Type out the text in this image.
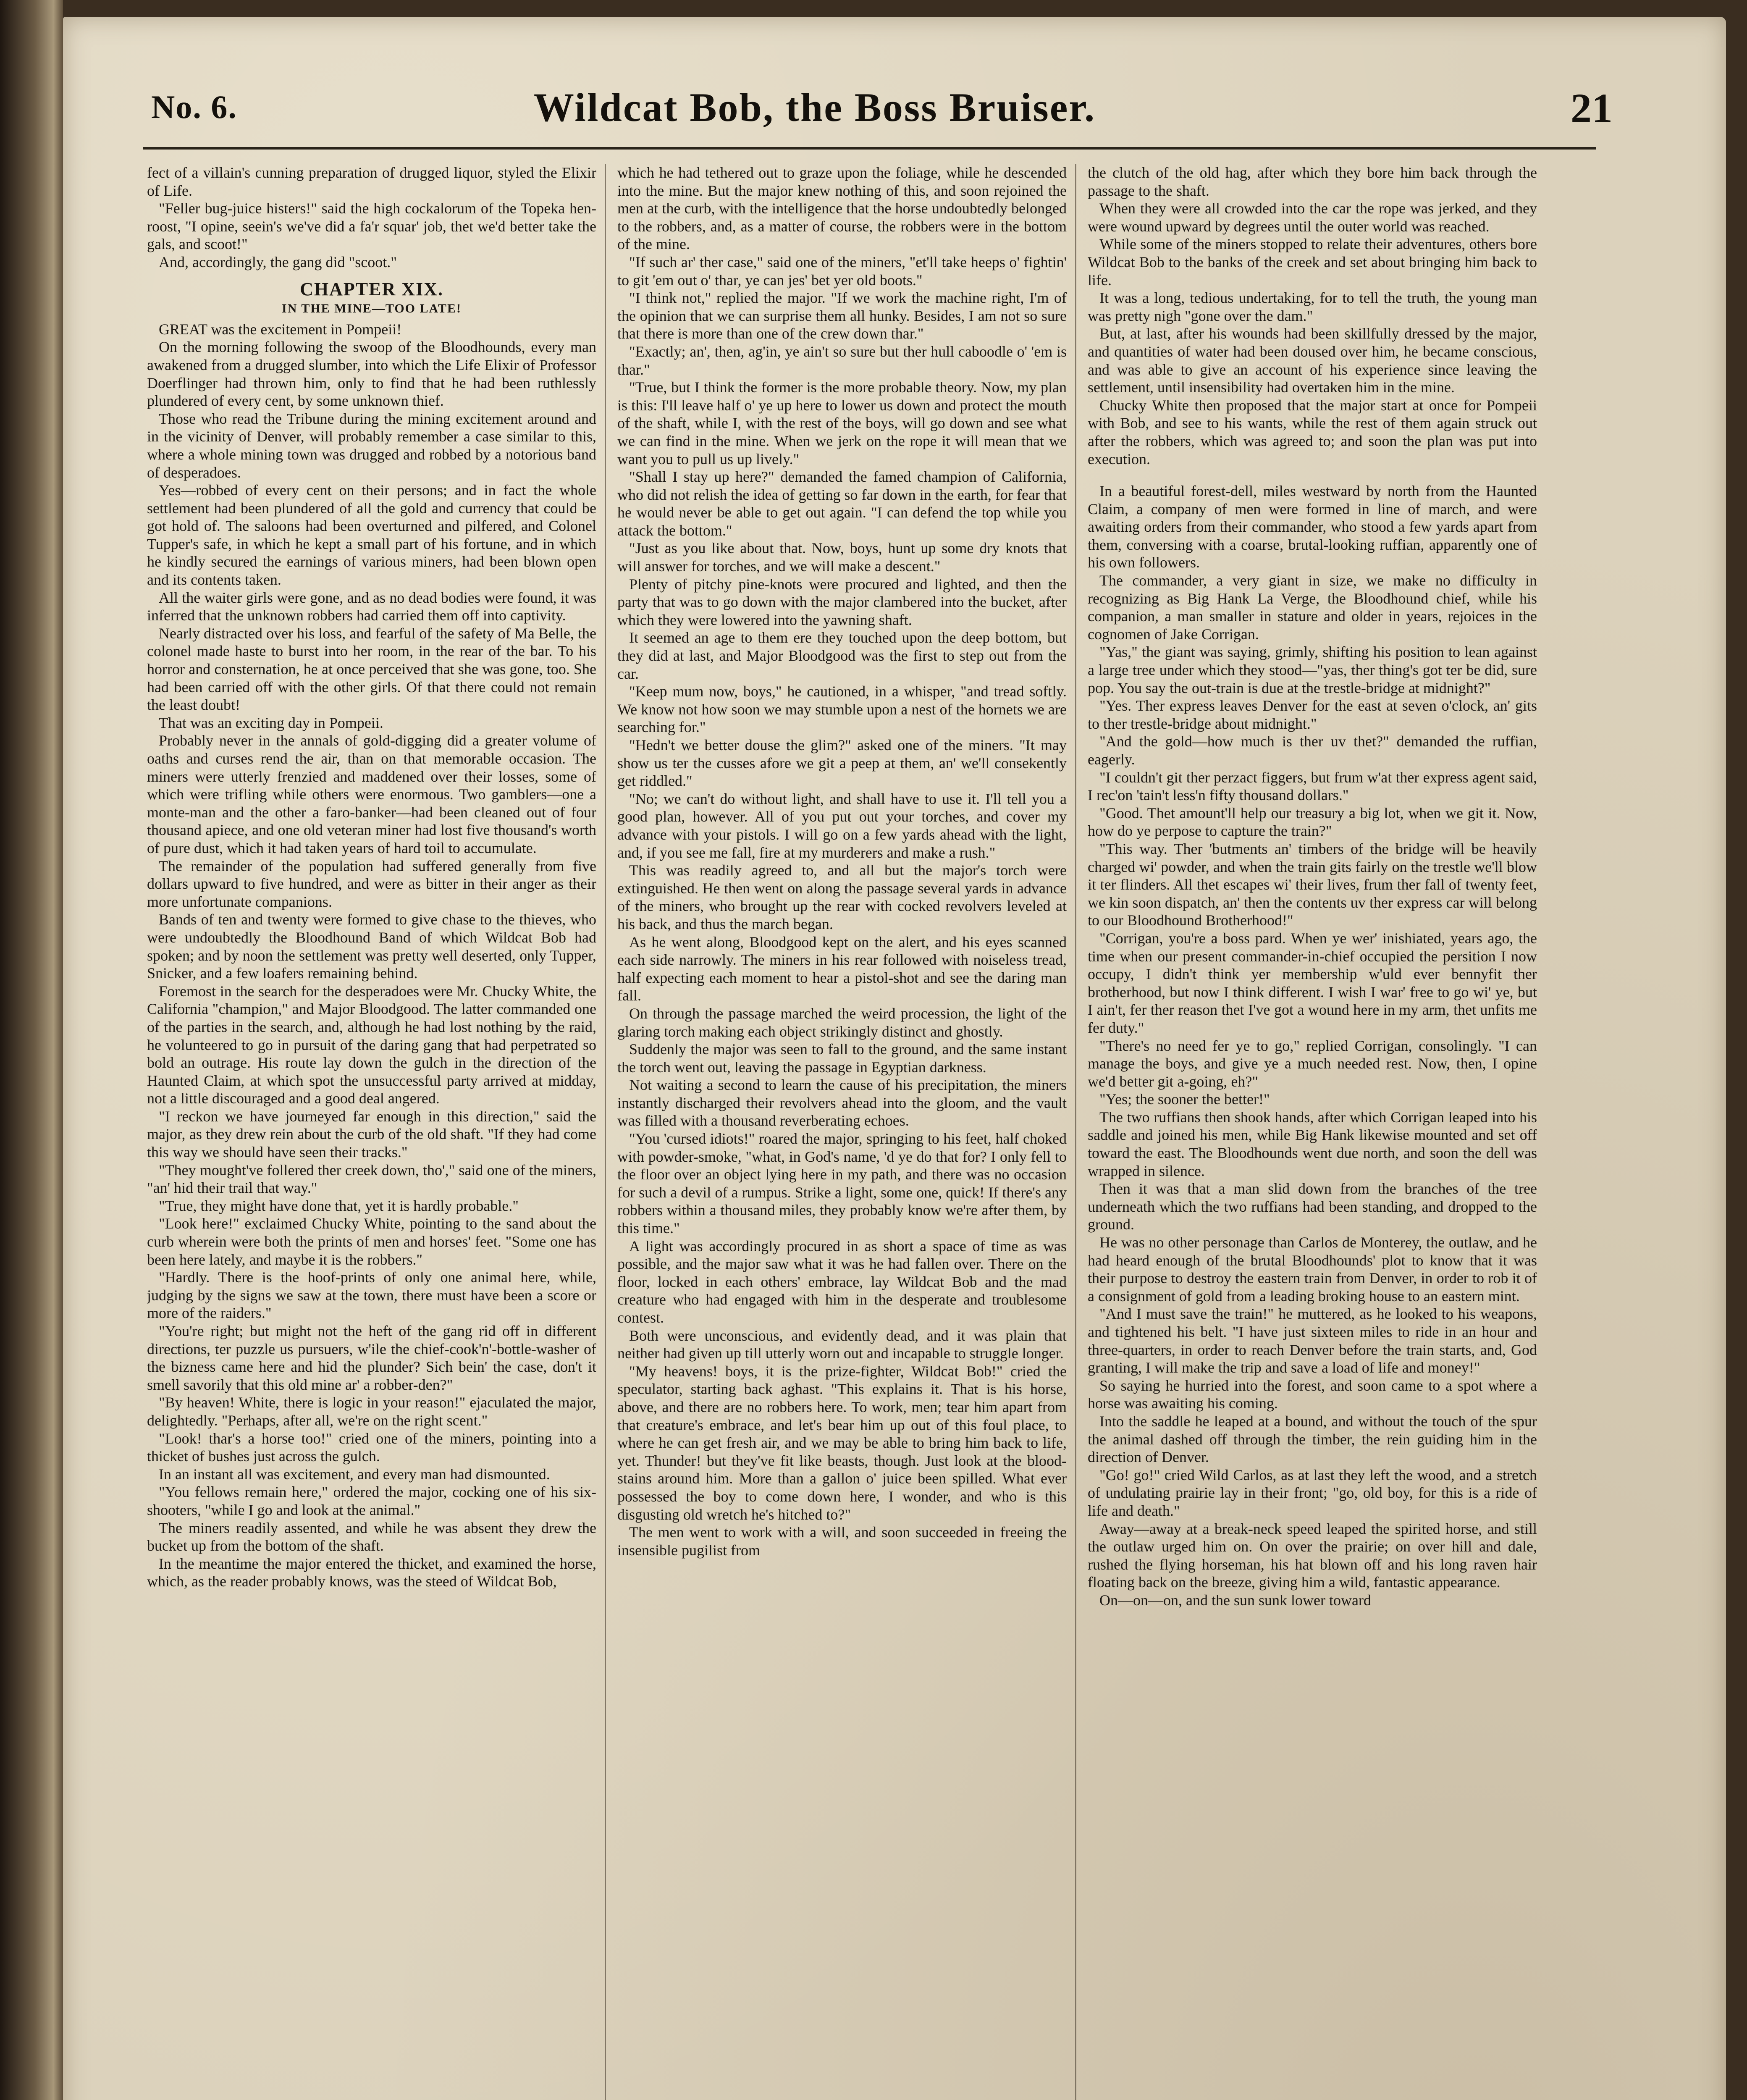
No. 6.	Wildcat Bob, the Boss Bruiser.	21

fect of a villain's cunning preparation of drugged liquor, styled the Elixir of Life.

"Feller bug-juice histers!" said the high cockalorum of the Topeka hen-roost, "I opine, seein's we've did a fa'r squar' job, thet we'd better take the gals, and scoot!"

And, accordingly, the gang did "scoot."

CHAPTER XIX.
IN THE MINE—TOO LATE!

GREAT was the excitement in Pompeii!

On the morning following the swoop of the Bloodhounds, every man awakened from a drugged slumber, into which the Life Elixir of Professor Doerflinger had thrown him, only to find that he had been ruthlessly plundered of every cent, by some unknown thief.

Those who read the Tribune during the mining excitement around and in the vicinity of Denver, will probably remember a case similar to this, where a whole mining town was drugged and robbed by a notorious band of desperadoes.

Yes—robbed of every cent on their persons; and in fact the whole settlement had been plundered of all the gold and currency that could be got hold of. The saloons had been overturned and pilfered, and Colonel Tupper's safe, in which he kept a small part of his fortune, and in which he kindly secured the earnings of various miners, had been blown open and its contents taken.

All the waiter girls were gone, and as no dead bodies were found, it was inferred that the unknown robbers had carried them off into captivity.

Nearly distracted over his loss, and fearful of the safety of Ma Belle, the colonel made haste to burst into her room, in the rear of the bar. To his horror and consternation, he at once perceived that she was gone, too. She had been carried off with the other girls. Of that there could not remain the least doubt!

That was an exciting day in Pompeii.

Probably never in the annals of gold-digging did a greater volume of oaths and curses rend the air, than on that memorable occasion. The miners were utterly frenzied and maddened over their losses, some of which were trifling while others were enormous. Two gamblers—one a monte-man and the other a faro-banker—had been cleaned out of four thousand apiece, and one old veteran miner had lost five thousand's worth of pure dust, which it had taken years of hard toil to accumulate.

The remainder of the population had suffered generally from five dollars upward to five hundred, and were as bitter in their anger as their more unfortunate companions.

Bands of ten and twenty were formed to give chase to the thieves, who were undoubtedly the Bloodhound Band of which Wildcat Bob had spoken; and by noon the settlement was pretty well deserted, only Tupper, Snicker, and a few loafers remaining behind.

Foremost in the search for the desperadoes were Mr. Chucky White, the California "champion," and Major Bloodgood. The latter commanded one of the parties in the search, and, although he had lost nothing by the raid, he volunteered to go in pursuit of the daring gang that had perpetrated so bold an outrage. His route lay down the gulch in the direction of the Haunted Claim, at which spot the unsuccessful party arrived at midday, not a little discouraged and a good deal angered.

"I reckon we have journeyed far enough in this direction," said the major, as they drew rein about the curb of the old shaft. "If they had come this way we should have seen their tracks."

"They mought've follered ther creek down, tho'," said one of the miners, "an' hid their trail that way."

"True, they might have done that, yet it is hardly probable."

"Look here!" exclaimed Chucky White, pointing to the sand about the curb wherein were both the prints of men and horses' feet. "Some one has been here lately, and maybe it is the robbers."

"Hardly. There is the hoof-prints of only one animal here, while, judging by the signs we saw at the town, there must have been a score or more of the raiders."

"You're right; but might not the heft of the gang rid off in different directions, ter puzzle us pursuers, w'ile the chief-cook'n'-bottle-washer of the bizness came here and hid the plunder? Sich bein' the case, don't it smell savorily that this old mine ar' a robber-den?"

"By heaven! White, there is logic in your reason!" ejaculated the major, delightedly. "Perhaps, after all, we're on the right scent."

"Look! thar's a horse too!" cried one of the miners, pointing into a thicket of bushes just across the gulch.

In an instant all was excitement, and every man had dismounted.

"You fellows remain here," ordered the major, cocking one of his six-shooters, "while I go and look at the animal."

The miners readily assented, and while he was absent they drew the bucket up from the bottom of the shaft.

In the meantime the major entered the thicket, and examined the horse, which, as the reader probably knows, was the steed of Wildcat Bob,

which he had tethered out to graze upon the foliage, while he descended into the mine. But the major knew nothing of this, and soon rejoined the men at the curb, with the intelligence that the horse undoubtedly belonged to the robbers, and, as a matter of course, the robbers were in the bottom of the mine.

"If such ar' ther case," said one of the miners, "et'll take heeps o' fightin' to git 'em out o' thar, ye can jes' bet yer old boots."

"I think not," replied the major. "If we work the machine right, I'm of the opinion that we can surprise them all hunky. Besides, I am not so sure that there is more than one of the crew down thar."

"Exactly; an', then, ag'in, ye ain't so sure but ther hull caboodle o' 'em is thar."

"True, but I think the former is the more probable theory. Now, my plan is this: I'll leave half o' ye up here to lower us down and protect the mouth of the shaft, while I, with the rest of the boys, will go down and see what we can find in the mine. When we jerk on the rope it will mean that we want you to pull us up lively."

"Shall I stay up here?" demanded the famed champion of California, who did not relish the idea of getting so far down in the earth, for fear that he would never be able to get out again. "I can defend the top while you attack the bottom."

"Just as you like about that. Now, boys, hunt up some dry knots that will answer for torches, and we will make a descent."

Plenty of pitchy pine-knots were procured and lighted, and then the party that was to go down with the major clambered into the bucket, after which they were lowered into the yawning shaft.

It seemed an age to them ere they touched upon the deep bottom, but they did at last, and Major Bloodgood was the first to step out from the car.

"Keep mum now, boys," he cautioned, in a whisper, "and tread softly. We know not how soon we may stumble upon a nest of the hornets we are searching for."

"Hedn't we better douse the glim?" asked one of the miners. "It may show us ter the cusses afore we git a peep at them, an' we'll consekently get riddled."

"No; we can't do without light, and shall have to use it. I'll tell you a good plan, however. All of you put out your torches, and cover my advance with your pistols. I will go on a few yards ahead with the light, and, if you see me fall, fire at my murderers and make a rush."

This was readily agreed to, and all but the major's torch were extinguished. He then went on along the passage several yards in advance of the miners, who brought up the rear with cocked revolvers leveled at his back, and thus the march began.

As he went along, Bloodgood kept on the alert, and his eyes scanned each side narrowly. The miners in his rear followed with noiseless tread, half expecting each moment to hear a pistol-shot and see the daring man fall.

On through the passage marched the weird procession, the light of the glaring torch making each object strikingly distinct and ghostly.

Suddenly the major was seen to fall to the ground, and the same instant the torch went out, leaving the passage in Egyptian darkness.

Not waiting a second to learn the cause of his precipitation, the miners instantly discharged their revolvers ahead into the gloom, and the vault was filled with a thousand reverberating echoes.

"You 'cursed idiots!" roared the major, springing to his feet, half choked with powder-smoke, "what, in God's name, 'd ye do that for? I only fell to the floor over an object lying here in my path, and there was no occasion for such a devil of a rumpus. Strike a light, some one, quick! If there's any robbers within a thousand miles, they probably know we're after them, by this time."

A light was accordingly procured in as short a space of time as was possible, and the major saw what it was he had fallen over. There on the floor, locked in each others' embrace, lay Wildcat Bob and the mad creature who had engaged with him in the desperate and troublesome contest.

Both were unconscious, and evidently dead, and it was plain that neither had given up till utterly worn out and incapable to struggle longer.

"My heavens! boys, it is the prize-fighter, Wildcat Bob!" cried the speculator, starting back aghast. "This explains it. That is his horse, above, and there are no robbers here. To work, men; tear him apart from that creature's embrace, and let's bear him up out of this foul place, to where he can get fresh air, and we may be able to bring him back to life, yet. Thunder! but they've fit like beasts, though. Just look at the blood-stains around him. More than a gallon o' juice been spilled. What ever possessed the boy to come down here, I wonder, and who is this disgusting old wretch he's hitched to?"

The men went to work with a will, and soon succeeded in freeing the insensible pugilist from

the clutch of the old hag, after which they bore him back through the passage to the shaft.

When they were all crowded into the car the rope was jerked, and they were wound upward by degrees until the outer world was reached.

While some of the miners stopped to relate their adventures, others bore Wildcat Bob to the banks of the creek and set about bringing him back to life.

It was a long, tedious undertaking, for to tell the truth, the young man was pretty nigh "gone over the dam."

But, at last, after his wounds had been skillfully dressed by the major, and quantities of water had been doused over him, he became conscious, and was able to give an account of his experience since leaving the settlement, until insensibility had overtaken him in the mine.

Chucky White then proposed that the major start at once for Pompeii with Bob, and see to his wants, while the rest of them again struck out after the robbers, which was agreed to; and soon the plan was put into execution.

In a beautiful forest-dell, miles westward by north from the Haunted Claim, a company of men were formed in line of march, and were awaiting orders from their commander, who stood a few yards apart from them, conversing with a coarse, brutal-looking ruffian, apparently one of his own followers.

The commander, a very giant in size, we make no difficulty in recognizing as Big Hank La Verge, the Bloodhound chief, while his companion, a man smaller in stature and older in years, rejoices in the cognomen of Jake Corrigan.

"Yas," the giant was saying, grimly, shifting his position to lean against a large tree under which they stood—"yas, ther thing's got ter be did, sure pop. You say the out-train is due at the trestle-bridge at midnight?"

"Yes. Ther express leaves Denver for the east at seven o'clock, an' gits to ther trestle-bridge about midnight."

"And the gold—how much is ther uv thet?" demanded the ruffian, eagerly.

"I couldn't git ther perzact figgers, but frum w'at ther express agent said, I rec'on 'tain't less'n fifty thousand dollars."

"Good. Thet amount'll help our treasury a big lot, when we git it. Now, how do ye perpose to capture the train?"

"This way. Ther 'butments an' timbers of the bridge will be heavily charged wi' powder, and when the train gits fairly on the trestle we'll blow it ter flinders. All thet escapes wi' their lives, frum ther fall of twenty feet, we kin soon dispatch, an' then the contents uv ther express car will belong to our Bloodhound Brotherhood!"

"Corrigan, you're a boss pard. When ye wer' inishiated, years ago, the time when our present commander-in-chief occupied the persition I now occupy, I didn't think yer membership w'uld ever bennyfit ther brotherhood, but now I think different. I wish I war' free to go wi' ye, but I ain't, fer ther reason thet I've got a wound here in my arm, thet unfits me fer duty."

"There's no need fer ye to go," replied Corrigan, consolingly. "I can manage the boys, and give ye a much needed rest. Now, then, I opine we'd better git a-going, eh?"

"Yes; the sooner the better!"

The two ruffians then shook hands, after which Corrigan leaped into his saddle and joined his men, while Big Hank likewise mounted and set off toward the east. The Bloodhounds went due north, and soon the dell was wrapped in silence.

Then it was that a man slid down from the branches of the tree underneath which the two ruffians had been standing, and dropped to the ground.

He was no other personage than Carlos de Monterey, the outlaw, and he had heard enough of the brutal Bloodhounds' plot to know that it was their purpose to destroy the eastern train from Denver, in order to rob it of a consignment of gold from a leading broking house to an eastern mint.

"And I must save the train!" he muttered, as he looked to his weapons, and tightened his belt. "I have just sixteen miles to ride in an hour and three-quarters, in order to reach Denver before the train starts, and, God granting, I will make the trip and save a load of life and money!"

So saying he hurried into the forest, and soon came to a spot where a horse was awaiting his coming.

Into the saddle he leaped at a bound, and without the touch of the spur the animal dashed off through the timber, the rein guiding him in the direction of Denver.

"Go! go!" cried Wild Carlos, as at last they left the wood, and a stretch of undulating prairie lay in their front; "go, old boy, for this is a ride of life and death."

Away—away at a break-neck speed leaped the spirited horse, and still the outlaw urged him on. On over the prairie; on over hill and dale, rushed the flying horseman, his hat blown off and his long raven hair floating back on the breeze, giving him a wild, fantastic appearance.

On—on—on, and the sun sunk lower toward
